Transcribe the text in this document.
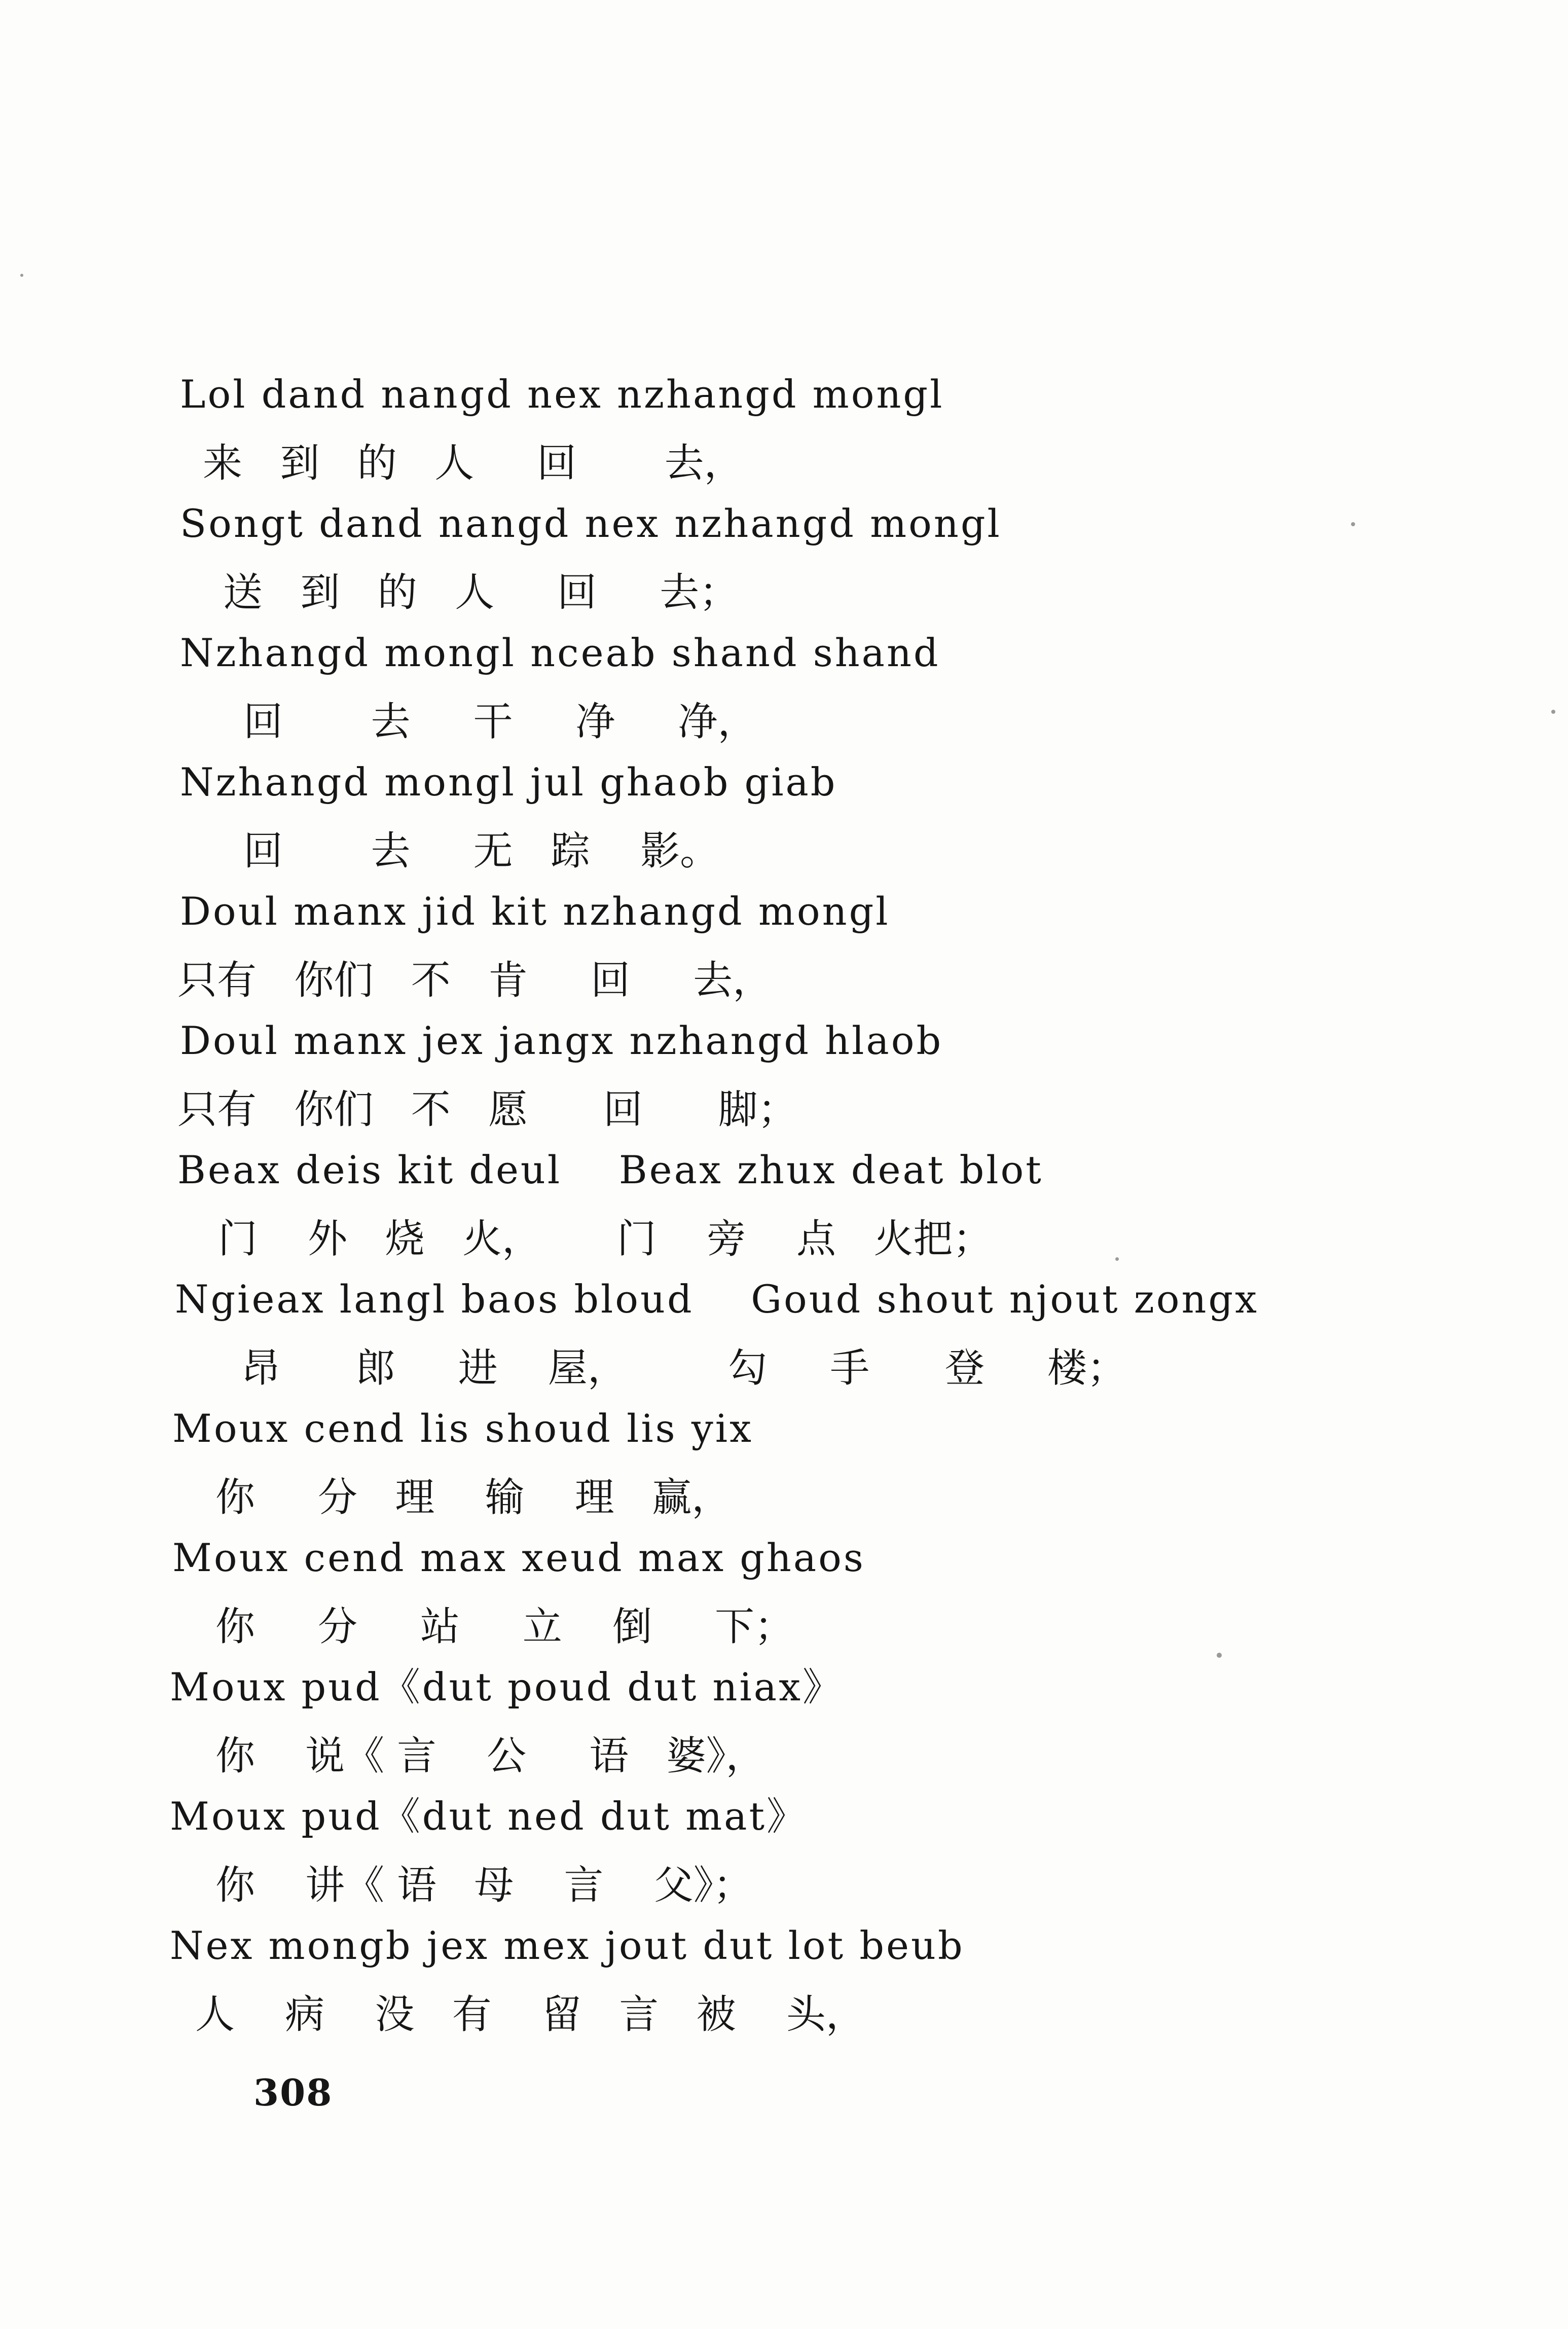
Lol dand nangd nex nzhangd mongl
来   到   的   人     回       去，
Songt dand nangd nex nzhangd mongl
送   到   的   人     回     去；
Nzhangd mongl nceab shand shand
回       去     干     净     净，
Nzhangd mongl jul ghaob giab
回       去     无   踪    影。
Doul manx jid kit nzhangd mongl
只有   你们   不   肯     回     去，
Doul manx jex jangx nzhangd hlaob
只有   你们   不   愿      回      脚；
Beax deis kit deul    Beax zhux deat blot
门    外   烧   火，      门    旁    点   火把；
Ngieax langl baos bloud    Goud shout njout zongx
昂      郎     进    屋，        勾     手      登     楼；
Moux cend lis shoud lis yix
你     分   理    输    理   赢，
Moux cend max xeud max ghaos
你     分     站     立    倒     下；
Moux pud《dut poud dut niax》
你    说《 言    公     语   婆》，
Moux pud《dut ned dut mat》
你    讲《 语   母    言    父》；
Nex mongb jex mex jout dut lot beub
人    病    没   有    留   言   被    头，
308
